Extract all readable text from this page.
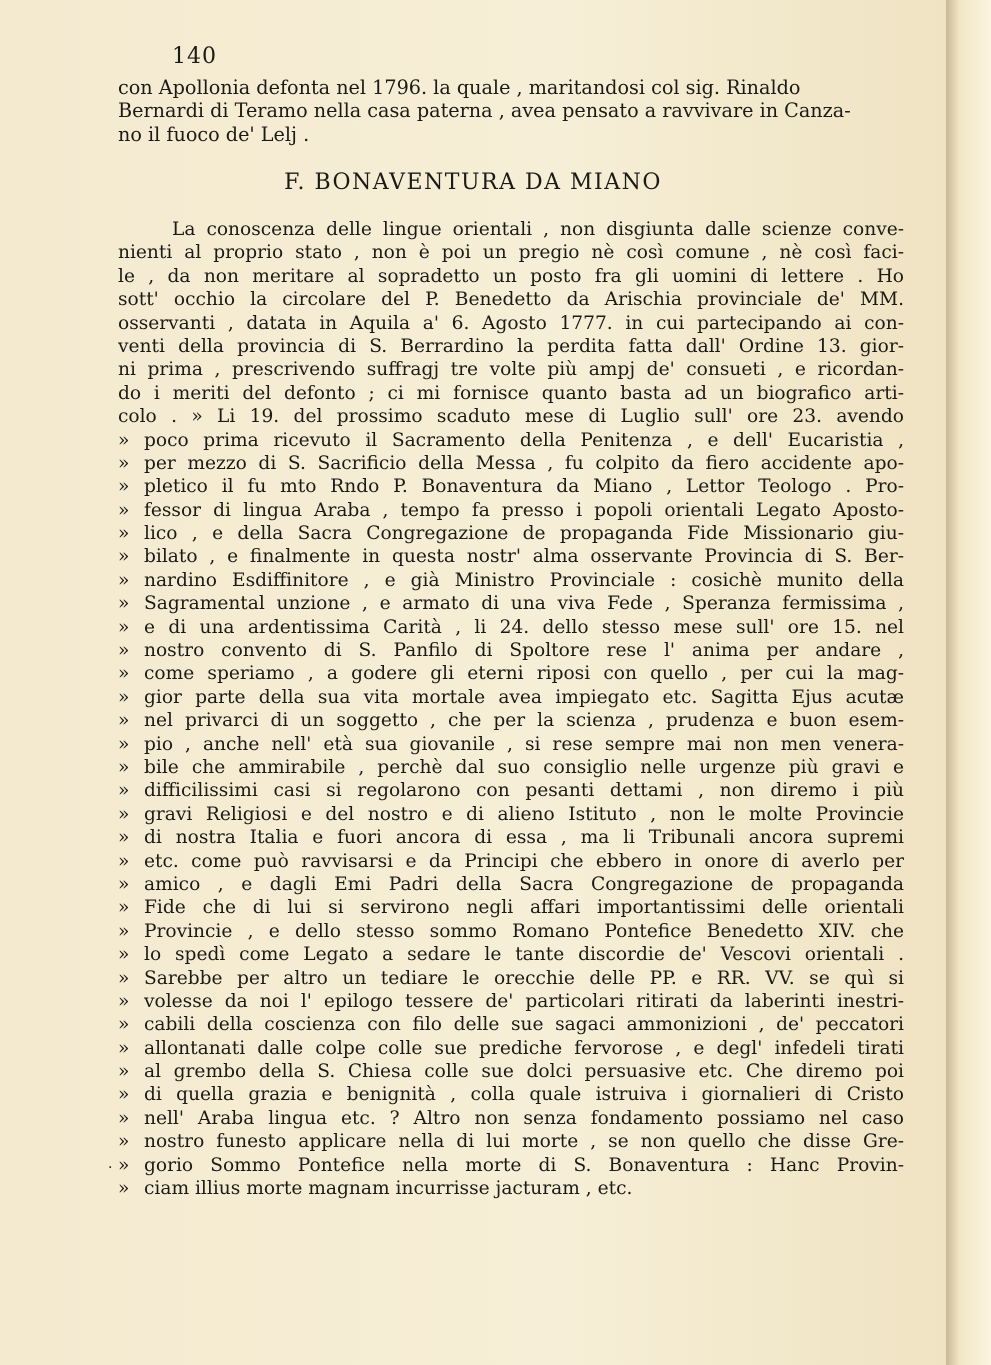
140
con Apollonia defonta nel 1796. la quale , maritandosi col sig. Rinaldo
Bernardi di Teramo nella casa paterna , avea pensato a ravvivare in Canza-
no il fuoco de' Lelj .
F. BONAVENTURA DA MIANO
La conoscenza delle lingue orientali , non disgiunta dalle scienze conve-
nienti al proprio stato , non è poi un pregio nè così comune , nè così faci-
le , da non meritare al sopradetto un posto fra gli uomini di lettere . Ho
sott' occhio la circolare del P. Benedetto da Arischia provinciale de' MM.
osservanti , datata in Aquila a' 6. Agosto 1777. in cui partecipando ai con-
venti della provincia di S. Berrardino la perdita fatta dall' Ordine 13. gior-
ni prima , prescrivendo suffragj tre volte più ampj de' consueti , e ricordan-
do i meriti del defonto ; ci mi fornisce quanto basta ad un biografico arti-
colo . » Li 19. del prossimo scaduto mese di Luglio sull' ore 23. avendo
» poco prima ricevuto il Sacramento della Penitenza , e dell' Eucaristia ,
» per mezzo di S. Sacrificio della Messa , fu colpito da fiero accidente apo-
» pletico il fu mto Rndo P. Bonaventura da Miano , Lettor Teologo . Pro-
» fessor di lingua Araba , tempo fa presso i popoli orientali Legato Aposto-
» lico , e della Sacra Congregazione de propaganda Fide Missionario giu-
» bilato , e finalmente in questa nostr' alma osservante Provincia di S. Ber-
» nardino Esdiffinitore , e già Ministro Provinciale : cosichè munito della
» Sagramental unzione , e armato di una viva Fede , Speranza fermissima ,
» e di una ardentissima Carità , li 24. dello stesso mese sull' ore 15. nel
» nostro convento di S. Panfilo di Spoltore rese l' anima per andare ,
» come speriamo , a godere gli eterni riposi con quello , per cui la mag-
» gior parte della sua vita mortale avea impiegato etc. Sagitta Ejus acutæ
» nel privarci di un soggetto , che per la scienza , prudenza e buon esem-
» pio , anche nell' età sua giovanile , si rese sempre mai non men venera-
» bile che ammirabile , perchè dal suo consiglio nelle urgenze più gravi e
» difficilissimi casi si regolarono con pesanti dettami , non diremo i più
» gravi Religiosi e del nostro e di alieno Istituto , non le molte Provincie
» di nostra Italia e fuori ancora di essa , ma li Tribunali ancora supremi
» etc. come può ravvisarsi e da Principi che ebbero in onore di averlo per
» amico , e dagli Emi Padri della Sacra Congregazione de propaganda
» Fide che di lui si servirono negli affari importantissimi delle orientali
» Provincie , e dello stesso sommo Romano Pontefice Benedetto XIV. che
» lo spedì come Legato a sedare le tante discordie de' Vescovi orientali .
» Sarebbe per altro un tediare le orecchie delle PP. e RR. VV. se quì si
» volesse da noi l' epilogo tessere de' particolari ritirati da laberinti inestri-
» cabili della coscienza con filo delle sue sagaci ammonizioni , de' peccatori
» allontanati dalle colpe colle sue prediche fervorose , e degl' infedeli tirati
» al grembo della S. Chiesa colle sue dolci persuasive etc. Che diremo poi
» di quella grazia e benignità , colla quale istruiva i giornalieri di Cristo
» nell' Araba lingua etc. ? Altro non senza fondamento possiamo nel caso
» nostro funesto applicare nella di lui morte , se non quello che disse Gre-
» gorio Sommo Pontefice nella morte di S. Bonaventura : Hanc Provin-
» ciam illius morte magnam incurrisse jacturam , etc.
.
